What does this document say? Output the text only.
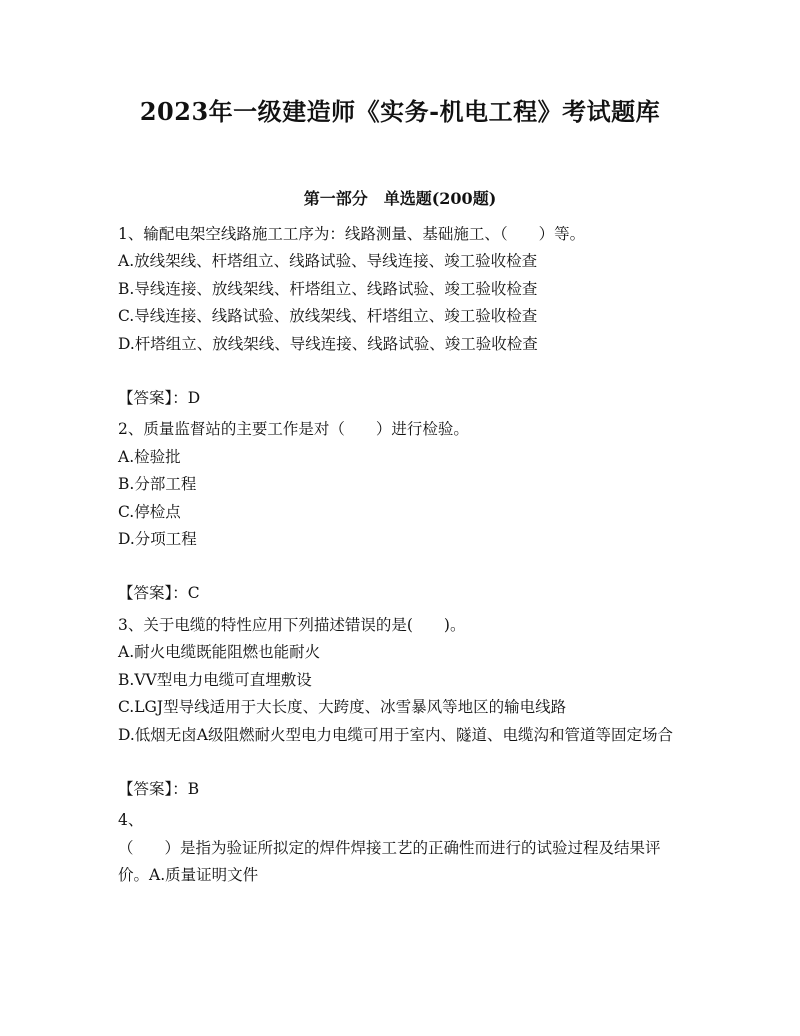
2023年一级建造师《实务-机电工程》考试题库
第一部分　单选题(200题)
1、输配电架空线路施工工序为：线路测量、基础施工、（　　）等。
A.放线架线、杆塔组立、线路试验、导线连接、竣工验收检查
B.导线连接、放线架线、杆塔组立、线路试验、竣工验收检查
C.导线连接、线路试验、放线架线、杆塔组立、竣工验收检查
D.杆塔组立、放线架线、导线连接、线路试验、竣工验收检查
【答案】：D
2、质量监督站的主要工作是对（　　）进行检验。
A.检验批
B.分部工程
C.停检点
D.分项工程
【答案】：C
3、关于电缆的特性应用下列描述错误的是(　　)。
A.耐火电缆既能阻燃也能耐火
B.VV型电力电缆可直埋敷设
C.LGJ型导线适用于大长度、大跨度、冰雪暴风等地区的输电线路
D.低烟无卤A级阻燃耐火型电力电缆可用于室内、隧道、电缆沟和管道等固定场合
【答案】：B
4、
（　　）是指为验证所拟定的焊件焊接工艺的正确性而进行的试验过程及结果评价。A.质量证明文件
